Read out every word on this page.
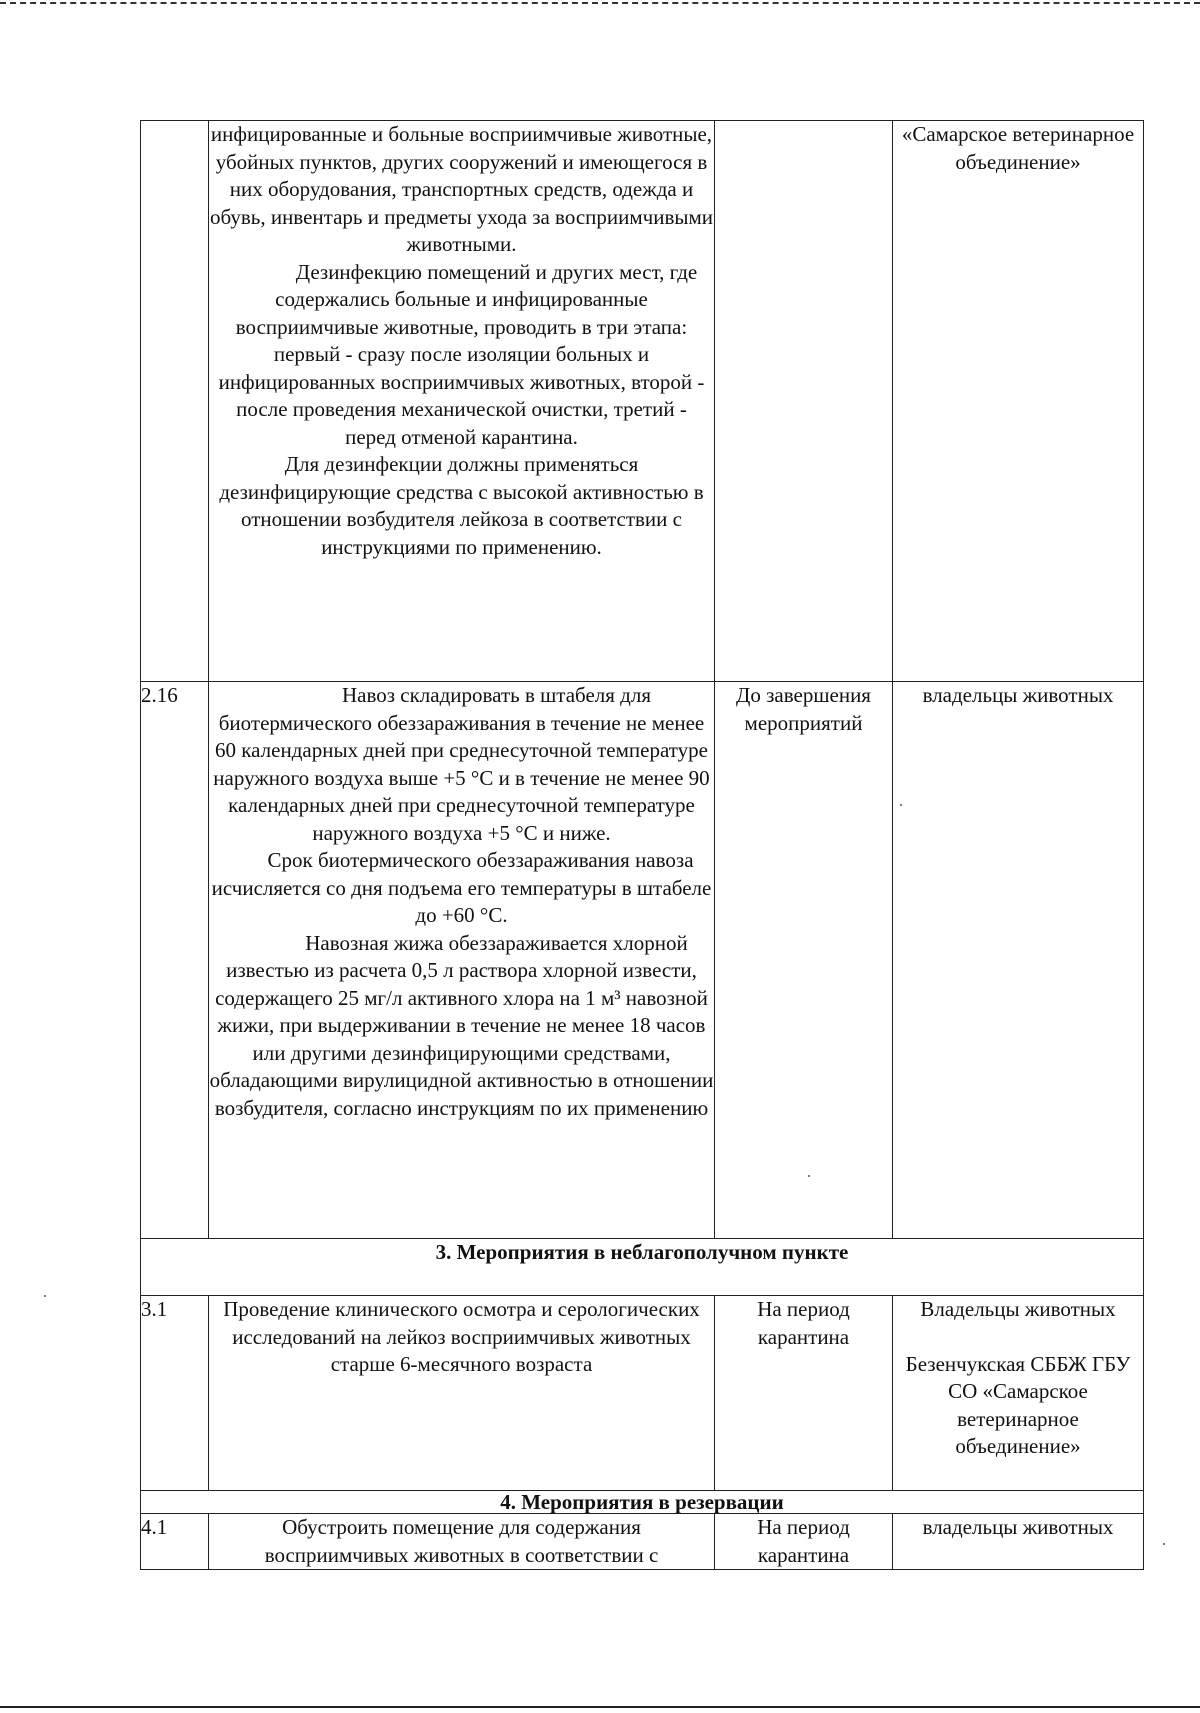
	инфицированные и больные восприимчивые животные, убойных пунктов, других сооружений и имеющегося в них оборудования, транспортных средств, одежда и обувь, инвентарь и предметы ухода за восприимчивыми животными.

Дезинфекцию помещений и других мест, где содержались больные и инфицированные восприимчивые животные, проводить в три этапа: первый - сразу после изоляции больных и инфицированных восприимчивых животных, второй - после проведения механической очистки, третий - перед отменой карантина.

Для дезинфекции должны применяться дезинфицирующие средства с высокой активностью в отношении возбудителя лейкоза в соответствии с инструкциями по применению.		«Самарское ветеринарное объединение»

2.16	Навоз складировать в штабеля для биотермического обеззараживания в течение не менее 60 календарных дней при среднесуточной температуре наружного воздуха выше +5 °С и в течение не менее 90 календарных дней при среднесуточной температуре наружного воздуха +5 °С и ниже.

Срок биотермического обеззараживания навоза исчисляется со дня подъема его температуры в штабеле до +60 °С.

Навозная жижа обеззараживается хлорной известью из расчета 0,5 л раствора хлорной извести, содержащего 25 мг/л активного хлора на 1 м³ навозной жижи, при выдерживании в течение не менее 18 часов или другими дезинфицирующими средствами, обладающими вирулицидной активностью в отношении возбудителя, согласно инструкциям по их применению	До завершения мероприятий	владельцы животных

3. Мероприятия в неблагополучном пункте			
3.1	Проведение клинического осмотра и серологических исследований на лейкоз восприимчивых животных старше 6-месячного возраста	На период карантина	Владельцы животных
Безенчукская СББЖ ГБУ СО «Самарское ветеринарное объединение»

4. Мероприятия в резервации			
4.1	Обустроить помещение для содержания восприимчивых животных в соответствии с	На период карантина	владельцы животных
